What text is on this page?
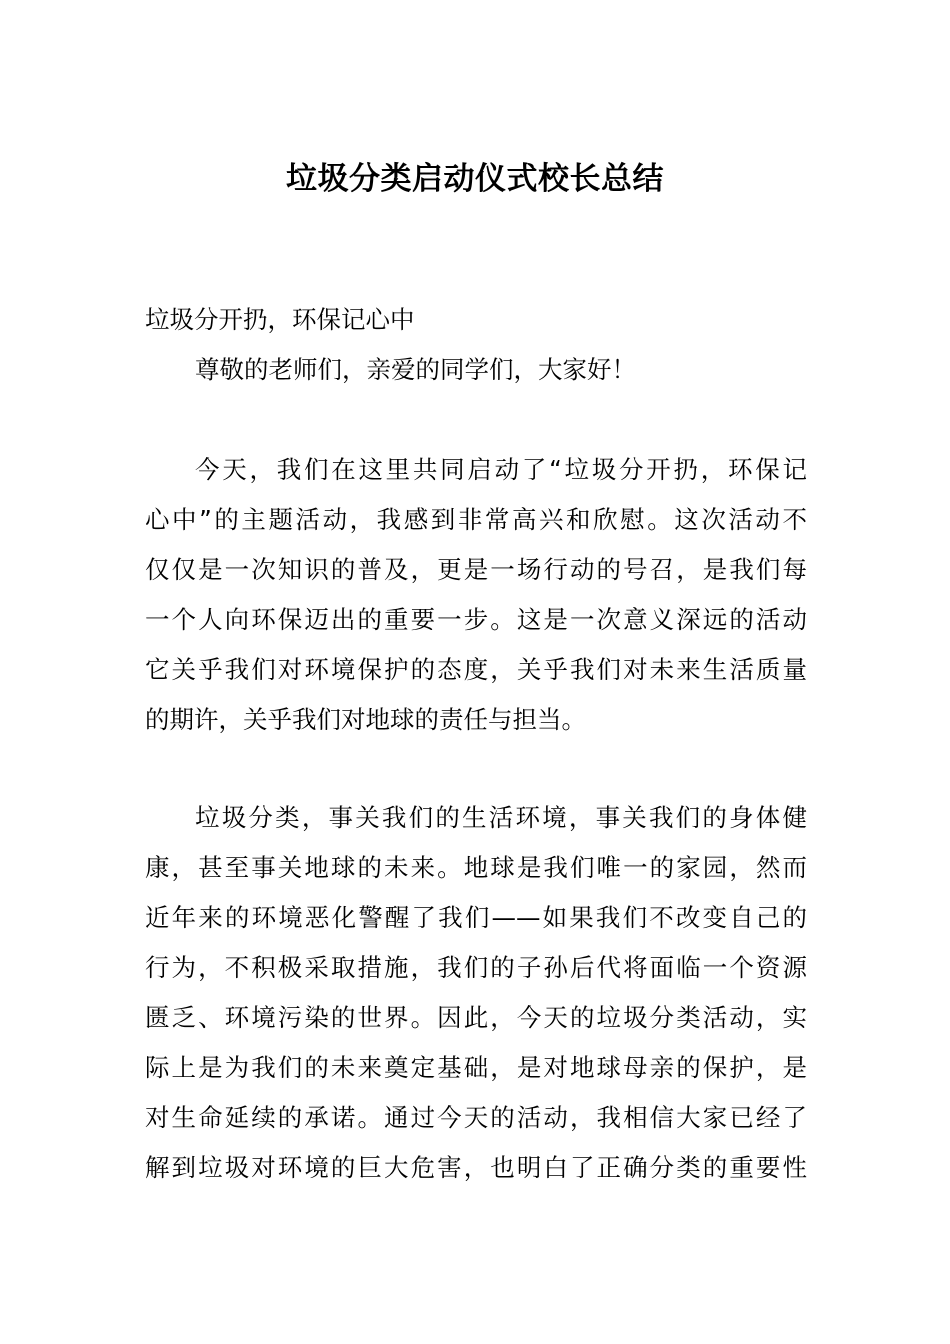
垃圾分类启动仪式校长总结
垃圾分开扔，环保记心中
尊敬的老师们，亲爱的同学们，大家好！
今天，我们在这里共同启动了“垃圾分开扔，环保记
心中”的主题活动，我感到非常高兴和欣慰。这次活动不
仅仅是一次知识的普及，更是一场行动的号召，是我们每
一个人向环保迈出的重要一步。这是一次意义深远的活动
它关乎我们对环境保护的态度，关乎我们对未来生活质量
的期许，关乎我们对地球的责任与担当。
垃圾分类，事关我们的生活环境，事关我们的身体健
康，甚至事关地球的未来。地球是我们唯一的家园，然而
近年来的环境恶化警醒了我们——如果我们不改变自己的
行为，不积极采取措施，我们的子孙后代将面临一个资源
匮乏、环境污染的世界。因此，今天的垃圾分类活动，实
际上是为我们的未来奠定基础，是对地球母亲的保护，是
对生命延续的承诺。通过今天的活动，我相信大家已经了
解到垃圾对环境的巨大危害，也明白了正确分类的重要性
